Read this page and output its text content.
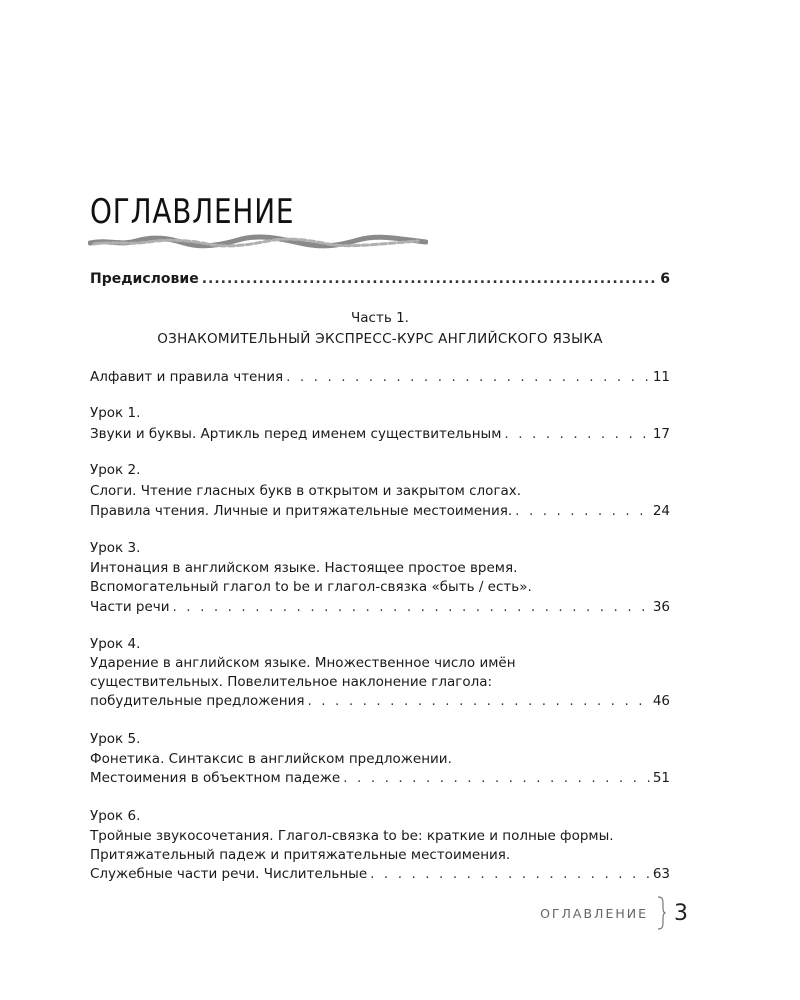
ОГЛАВЛЕНИЕ
Предисловие .....	6
Часть 1.
ОЗНАКОМИТЕЛЬНЫЙ ЭКСПРЕСС-КУРС АНГЛИЙСКОГО ЯЗЫКА
Алфавит и правила чтения . . .	11
Урок 1.
Звуки и буквы. Артикль перед именем существительным . . .	17
Урок 2.
Слоги. Чтение гласных букв в открытом и закрытом слогах.
Правила чтения. Личные и притяжательные местоимения. . . .	24
Урок 3.
Интонация в английском языке. Настоящее простое время.
Вспомогательный глагол to be и глагол-связка «быть / есть».
Части речи . . .	36
Урок 4.
Ударение в английском языке. Множественное число имён
существительных. Повелительное наклонение глагола:
побудительные предложения . . .	46
Урок 5.
Фонетика. Синтаксис в английском предложении.
Местоимения в объектном падеже . . .	51
Урок 6.
Тройные звукосочетания. Глагол-связка to be: краткие и полные формы.
Притяжательный падеж и притяжательные местоимения.
Служебные части речи. Числительные . . .	63
ОГЛАВЛЕНИЕ 3
